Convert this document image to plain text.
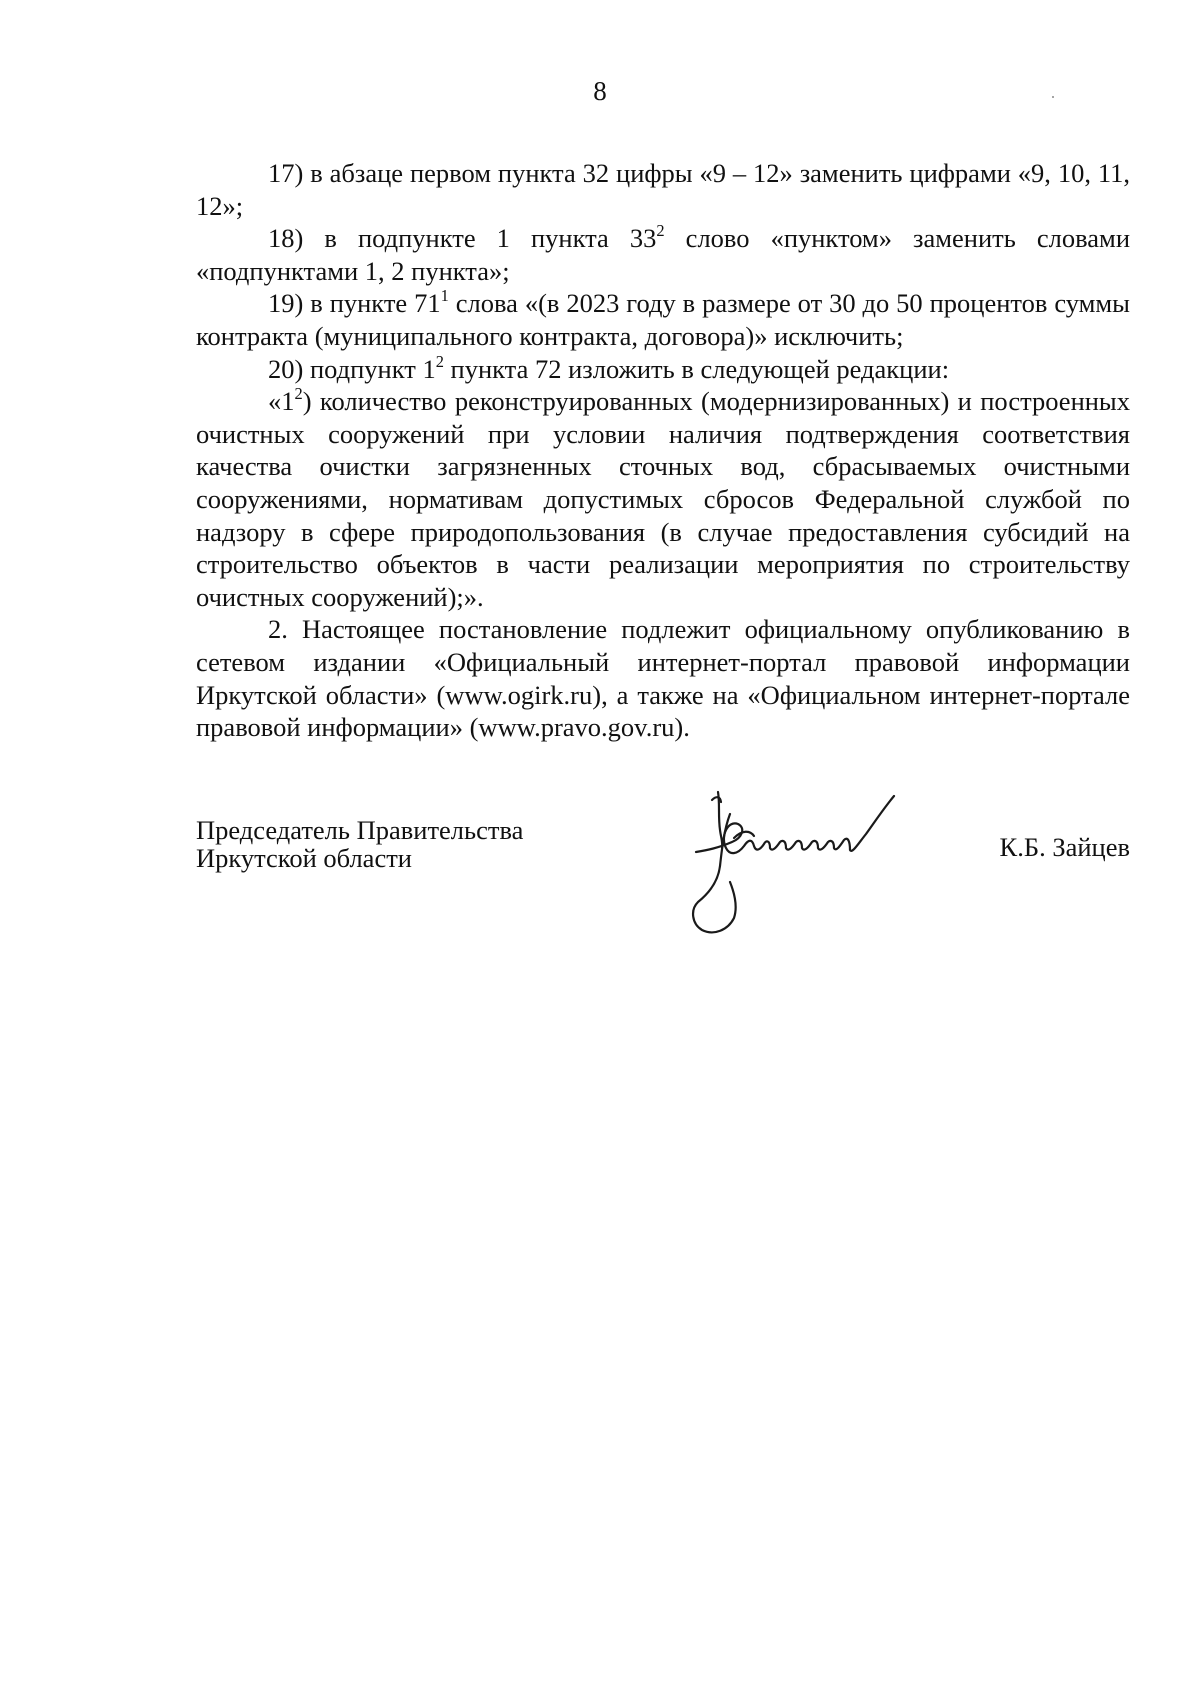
8

17) в абзаце первом пункта 32 цифры «9 – 12» заменить цифрами «9, 10, 11, 12»;

18) в подпункте 1 пункта $33^2$ слово «пунктом» заменить словами «подпунктами 1, 2 пункта»;

19) в пункте $71^1$ слова «(в 2023 году в размере от 30 до 50 процентов суммы контракта (муниципального контракта, договора)» исключить;

20) подпункт $1^2$ пункта 72 изложить в следующей редакции:

«$1^2$) количество реконструированных (модернизированных) и построенных очистных сооружений при условии наличия подтверждения соответствия качества очистки загрязненных сточных вод, сбрасываемых очистными сооружениями, нормативам допустимых сбросов Федеральной службой по надзору в сфере природопользования (в случае предоставления субсидий на строительство объектов в части реализации мероприятия по строительству очистных сооружений);».

2. Настоящее постановление подлежит официальному опубликованию в сетевом издании «Официальный интернет-портал правовой информации Иркутской области» (www.ogirk.ru), а также на «Официальном интернет-портале правовой информации» (www.pravo.gov.ru).

Председатель Правительства
Иркутской области	К.Б. Зайцев
